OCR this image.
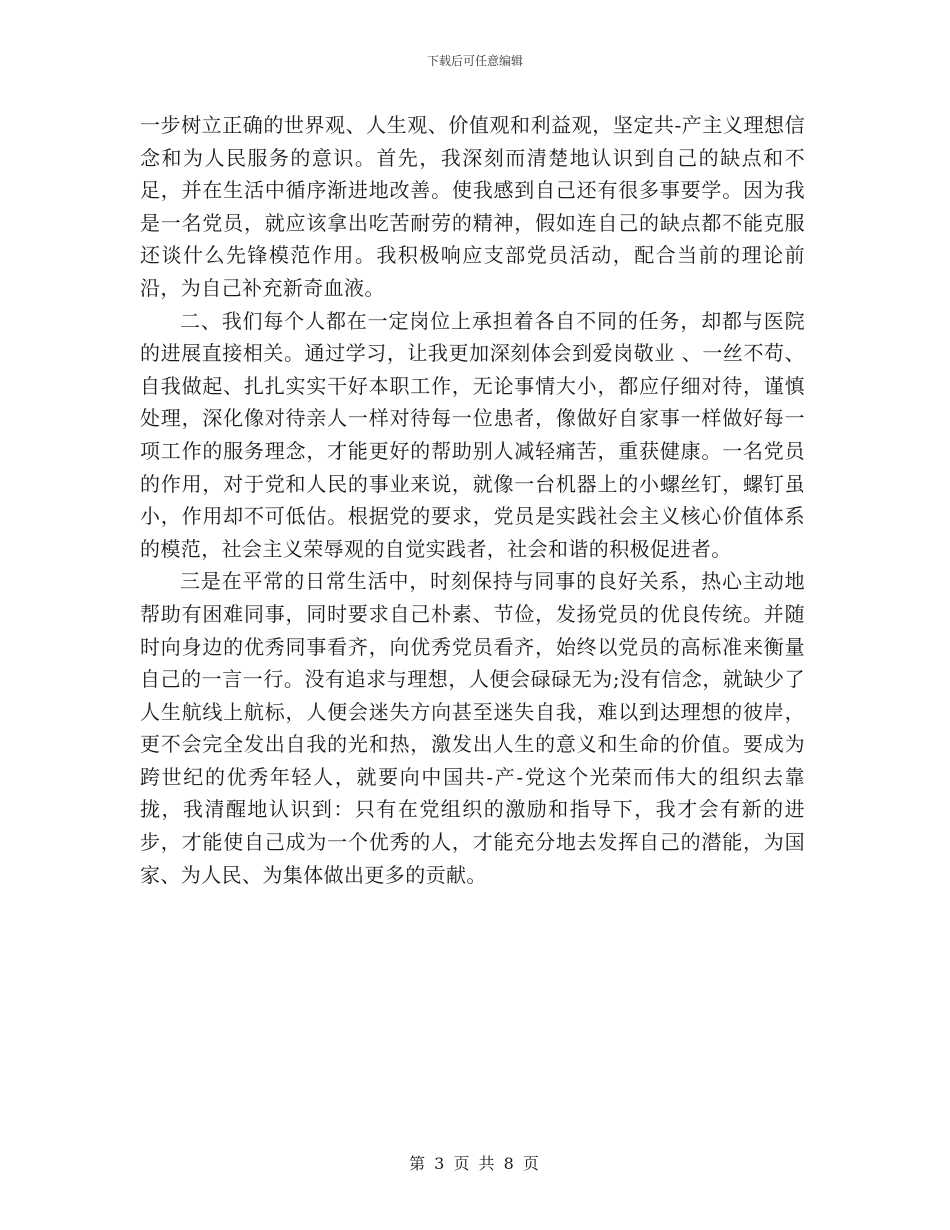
下载后可任意编辑

一步树立正确的世界观、人生观、价值观和利益观，坚定共-产主义理想信念和为人民服务的意识。首先，我深刻而清楚地认识到自己的缺点和不足，并在生活中循序渐进地改善。使我感到自己还有很多事要学。因为我是一名党员，就应该拿出吃苦耐劳的精神，假如连自己的缺点都不能克服还谈什么先锋模范作用。我积极响应支部党员活动，配合当前的理论前沿，为自己补充新奇血液。

二、我们每个人都在一定岗位上承担着各自不同的任务，却都与医院的进展直接相关。通过学习，让我更加深刻体会到爱岗敬业 、一丝不苟、自我做起、扎扎实实干好本职工作，无论事情大小，都应仔细对待，谨慎处理，深化像对待亲人一样对待每一位患者，像做好自家事一样做好每一项工作的服务理念，才能更好的帮助别人减轻痛苦，重获健康。一名党员的作用，对于党和人民的事业来说，就像一台机器上的小螺丝钉，螺钉虽小，作用却不可低估。根据党的要求，党员是实践社会主义核心价值体系的模范，社会主义荣辱观的自觉实践者，社会和谐的积极促进者。

三是在平常的日常生活中，时刻保持与同事的良好关系，热心主动地帮助有困难同事，同时要求自己朴素、节俭，发扬党员的优良传统。并随时向身边的优秀同事看齐，向优秀党员看齐，始终以党员的高标准来衡量自己的一言一行。没有追求与理想，人便会碌碌无为;没有信念，就缺少了人生航线上航标，人便会迷失方向甚至迷失自我，难以到达理想的彼岸，更不会完全发出自我的光和热，激发出人生的意义和生命的价值。要成为跨世纪的优秀年轻人，就要向中国共-产-党这个光荣而伟大的组织去靠拢，我清醒地认识到：只有在党组织的激励和指导下，我才会有新的进步，才能使自己成为一个优秀的人，才能充分地去发挥自己的潜能，为国家、为人民、为集体做出更多的贡献。

第 3 页 共 8 页
